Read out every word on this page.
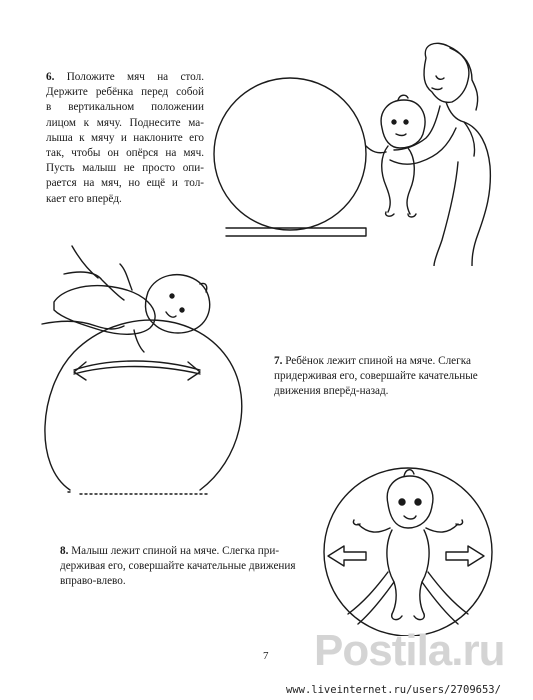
6. Положите мяч на стол.
Держите ребёнка перед собой
в вертикальном положении
лицом к мячу. Поднесите ма-
лыша к мячу и наклоните его
так, чтобы он опёрся на мяч.
Пусть малыш не просто опи-
рается на мяч, но ещё и тол-
кает его вперёд.

7. Ребёнок лежит спиной на мяче. Слегка
придерживая его, совершайте качательные
движения вперёд-назад.

8. Малыш лежит спиной на мяче. Слегка при-
держивая его, совершайте качательные движения
вправо-влево.

7 Postila.ru
www.liveinternet.ru/users/2709653/
